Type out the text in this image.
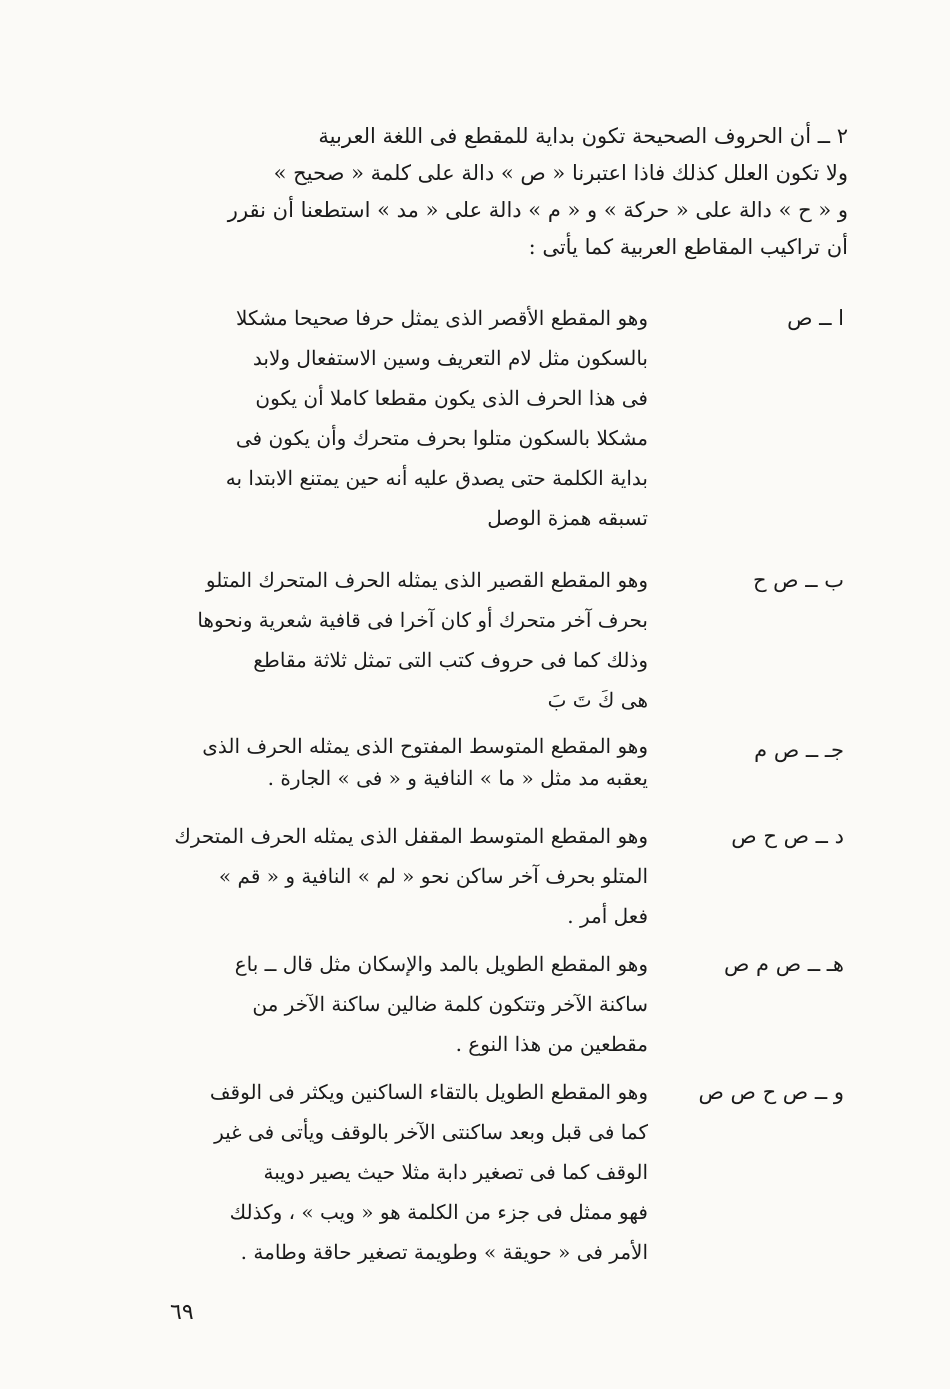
٢ ــ أن الحروف الصحيحة تكون بداية للمقطع فى اللغة العربية

ولا تكون العلل كذلك فاذا اعتبرنا « ص » دالة على كلمة « صحيح »

و « ح » دالة على « حركة » و « م » دالة على « مد » استطعنا أن نقرر

أن تراكيب المقاطع العربية كما يأتى :

ا ــ ص
وهو المقطع الأقصر الذى يمثل حرفا صحيحا مشكلا
بالسكون مثل لام التعريف وسين الاستفعال ولابد
فى هذا الحرف الذى يكون مقطعا كاملا أن يكون
مشكلا بالسكون متلوا بحرف متحرك وأن يكون فى
بداية الكلمة حتى يصدق عليه أنه حين يمتنع الابتدا به
تسبقه همزة الوصل
ب ــ ص ح
وهو المقطع القصير الذى يمثله الحرف المتحرك المتلو
بحرف آخر متحرك أو كان آخرا فى قافية شعرية ونحوها
وذلك كما فى حروف كتب التى تمثل ثلاثة مقاطع
هى كَ تَ بَ
جـ ــ ص م
وهو المقطع المتوسط المفتوح الذى يمثله الحرف الذى
يعقبه مد مثل « ما » النافية و « فى » الجارة .
د ــ ص ح ص
وهو المقطع المتوسط المقفل الذى يمثله الحرف المتحرك
المتلو بحرف آخر ساكن نحو « لم » النافية و « قم »
فعل أمر .
هـ ــ ص م ص
وهو المقطع الطويل بالمد والإسكان مثل قال ــ باع
ساكنة الآخر وتتكون كلمة ضالين ساكنة الآخر من
مقطعين من هذا النوع .
و ــ ص ح ص ص
وهو المقطع الطويل بالتقاء الساكنين ويكثر فى الوقف
كما فى قبل وبعد ساكنتى الآخر بالوقف ويأتى فى غير
الوقف كما فى تصغير دابة مثلا حيث يصير دويبة
فهو ممثل فى جزء من الكلمة هو « ويب » ، وكذلك
الأمر فى « حويقة » وطويمة تصغير حاقة وطامة .
٦٩
